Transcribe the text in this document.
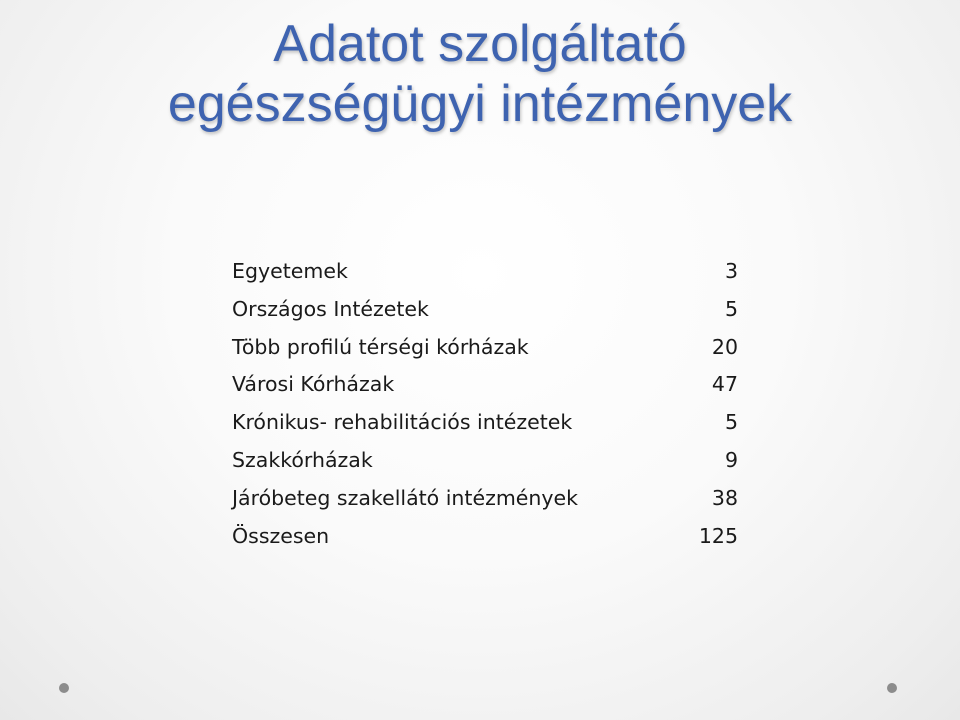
Adatot szolgáltató
egészségügyi intézmények
Egyetemek	3
Országos Intézetek	5
Több profilú térségi kórházak	20
Városi Kórházak	47
Krónikus- rehabilitációs intézetek	5
Szakkórházak	9
Járóbeteg szakellátó intézmények	38
Összesen	125
